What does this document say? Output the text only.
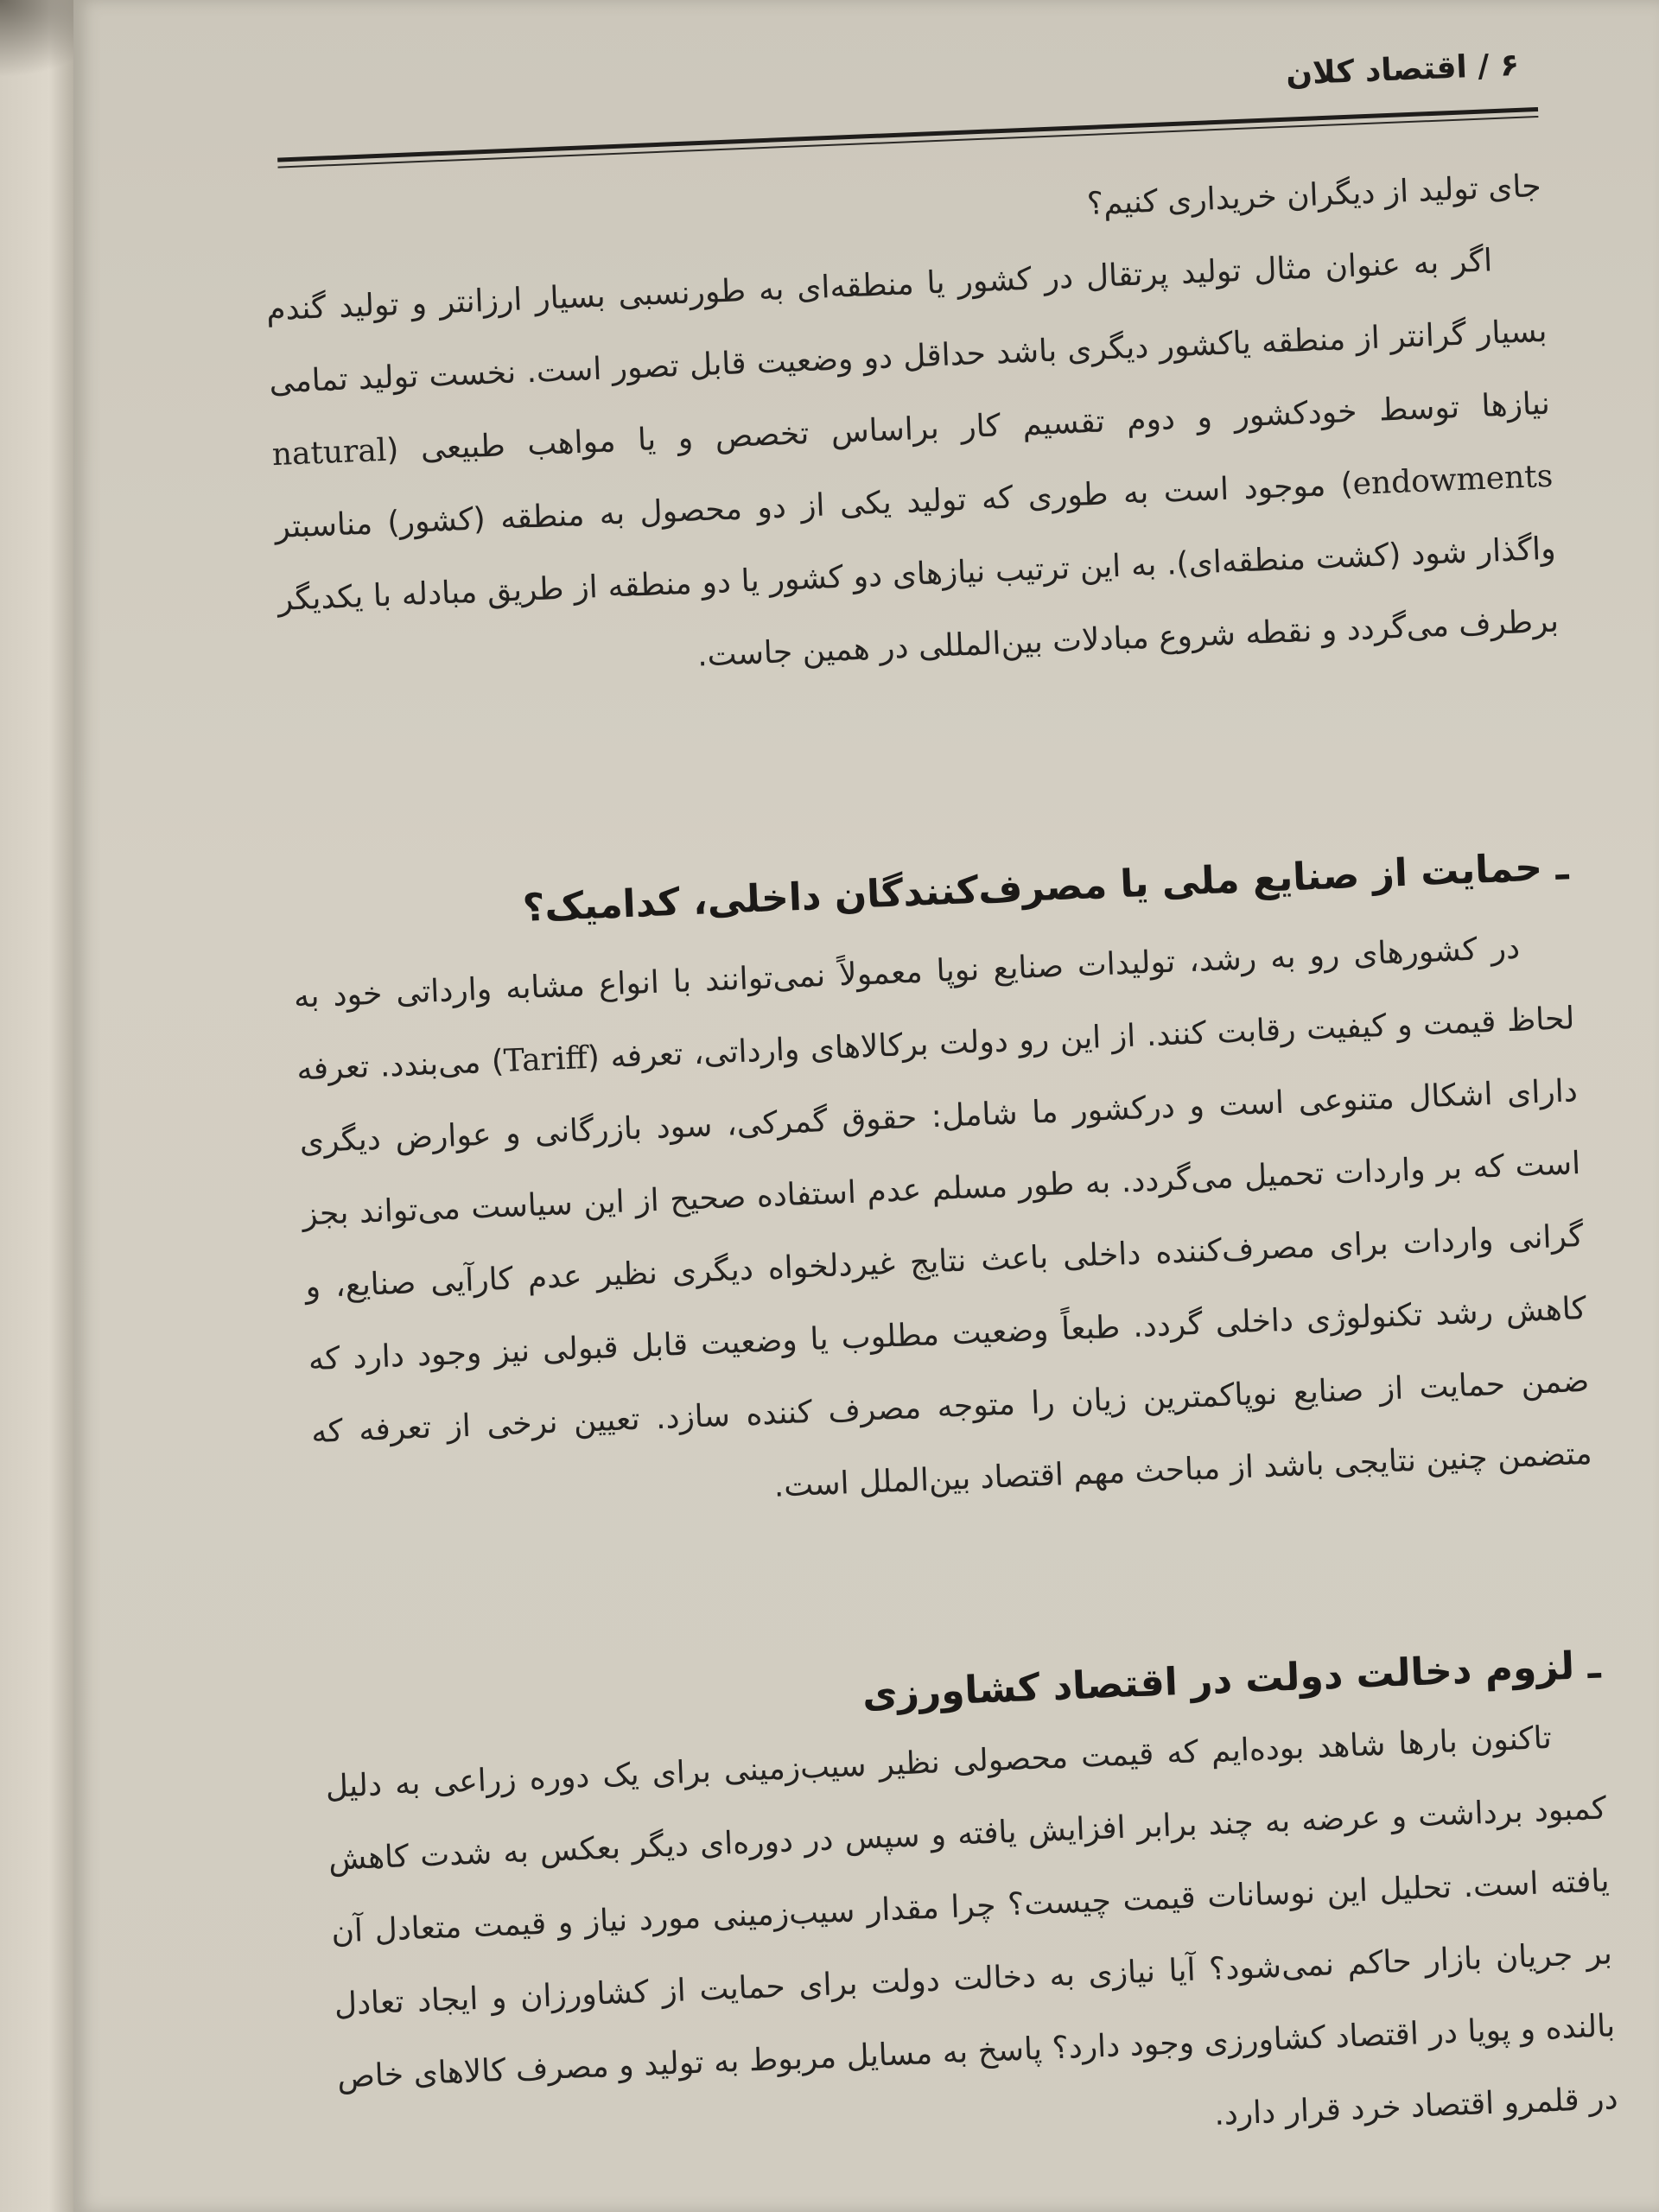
۶ / اقتصاد کلان

جای تولید از دیگران خریداری کنیم؟

اگر به عنوان مثال تولید پرتقال در کشور یا منطقه‌ای به طورنسبی بسیار ارزانتر و تولید گندم بسیار گرانتر از منطقه یاکشور دیگری باشد حداقل دو وضعیت قابل تصور است. نخست تولید تمامی نیازها توسط خودکشور و دوم تقسیم کار براساس تخصص و یا مواهب طبیعی (natural endowments) موجود است به طوری که تولید یکی از دو محصول به منطقه (کشور) مناسبتر واگذار شود (کشت منطقه‌ای). به این ترتیب نیازهای دو کشور یا دو منطقه از طریق مبادله با یکدیگر برطرف می‌گردد و نقطه شروع مبادلات بین‌المللی در همین جاست.

ـ حمایت از صنایع ملی یا مصرف‌کنندگان داخلی، کدامیک؟

در کشورهای رو به رشد، تولیدات صنایع نوپا معمولاً نمی‌توانند با انواع مشابه وارداتی خود به لحاظ قیمت و کیفیت رقابت کنند. از این رو دولت برکالاهای وارداتی، تعرفه (Tariff) می‌بندد. تعرفه دارای اشکال متنوعی است و درکشور ما شامل: حقوق گمرکی، سود بازرگانی و عوارض دیگری است که بر واردات تحمیل می‌گردد. به طور مسلم عدم استفاده صحیح از این سیاست می‌تواند بجز گرانی واردات برای مصرف‌کننده داخلی باعث نتایج غیردلخواه دیگری نظیر عدم کارآیی صنایع، و کاهش رشد تکنولوژی داخلی گردد. طبعاً وضعیت مطلوب یا وضعیت قابل قبولی نیز وجود دارد که ضمن حمایت از صنایع نوپاکمترین زیان را متوجه مصرف کننده سازد. تعیین نرخی از تعرفه که متضمن چنین نتایجی باشد از مباحث مهم اقتصاد بین‌الملل است.

ـ لزوم دخالت دولت در اقتصاد کشاورزی

تاکنون بارها شاهد بوده‌ایم که قیمت محصولی نظیر سیب‌زمینی برای یک دوره زراعی به دلیل کمبود برداشت و عرضه به چند برابر افزایش یافته و سپس در دوره‌ای دیگر بعکس به شدت کاهش یافته است. تحلیل این نوسانات قیمت چیست؟ چرا مقدار سیب‌زمینی مورد نیاز و قیمت متعادل آن بر جریان بازار حاکم نمی‌شود؟ آیا نیازی به دخالت دولت برای حمایت از کشاورزان و ایجاد تعادل بالنده و پویا در اقتصاد کشاورزی وجود دارد؟ پاسخ به مسایل مربوط به تولید و مصرف کالاهای خاص در قلمرو اقتصاد خرد قرار دارد.
